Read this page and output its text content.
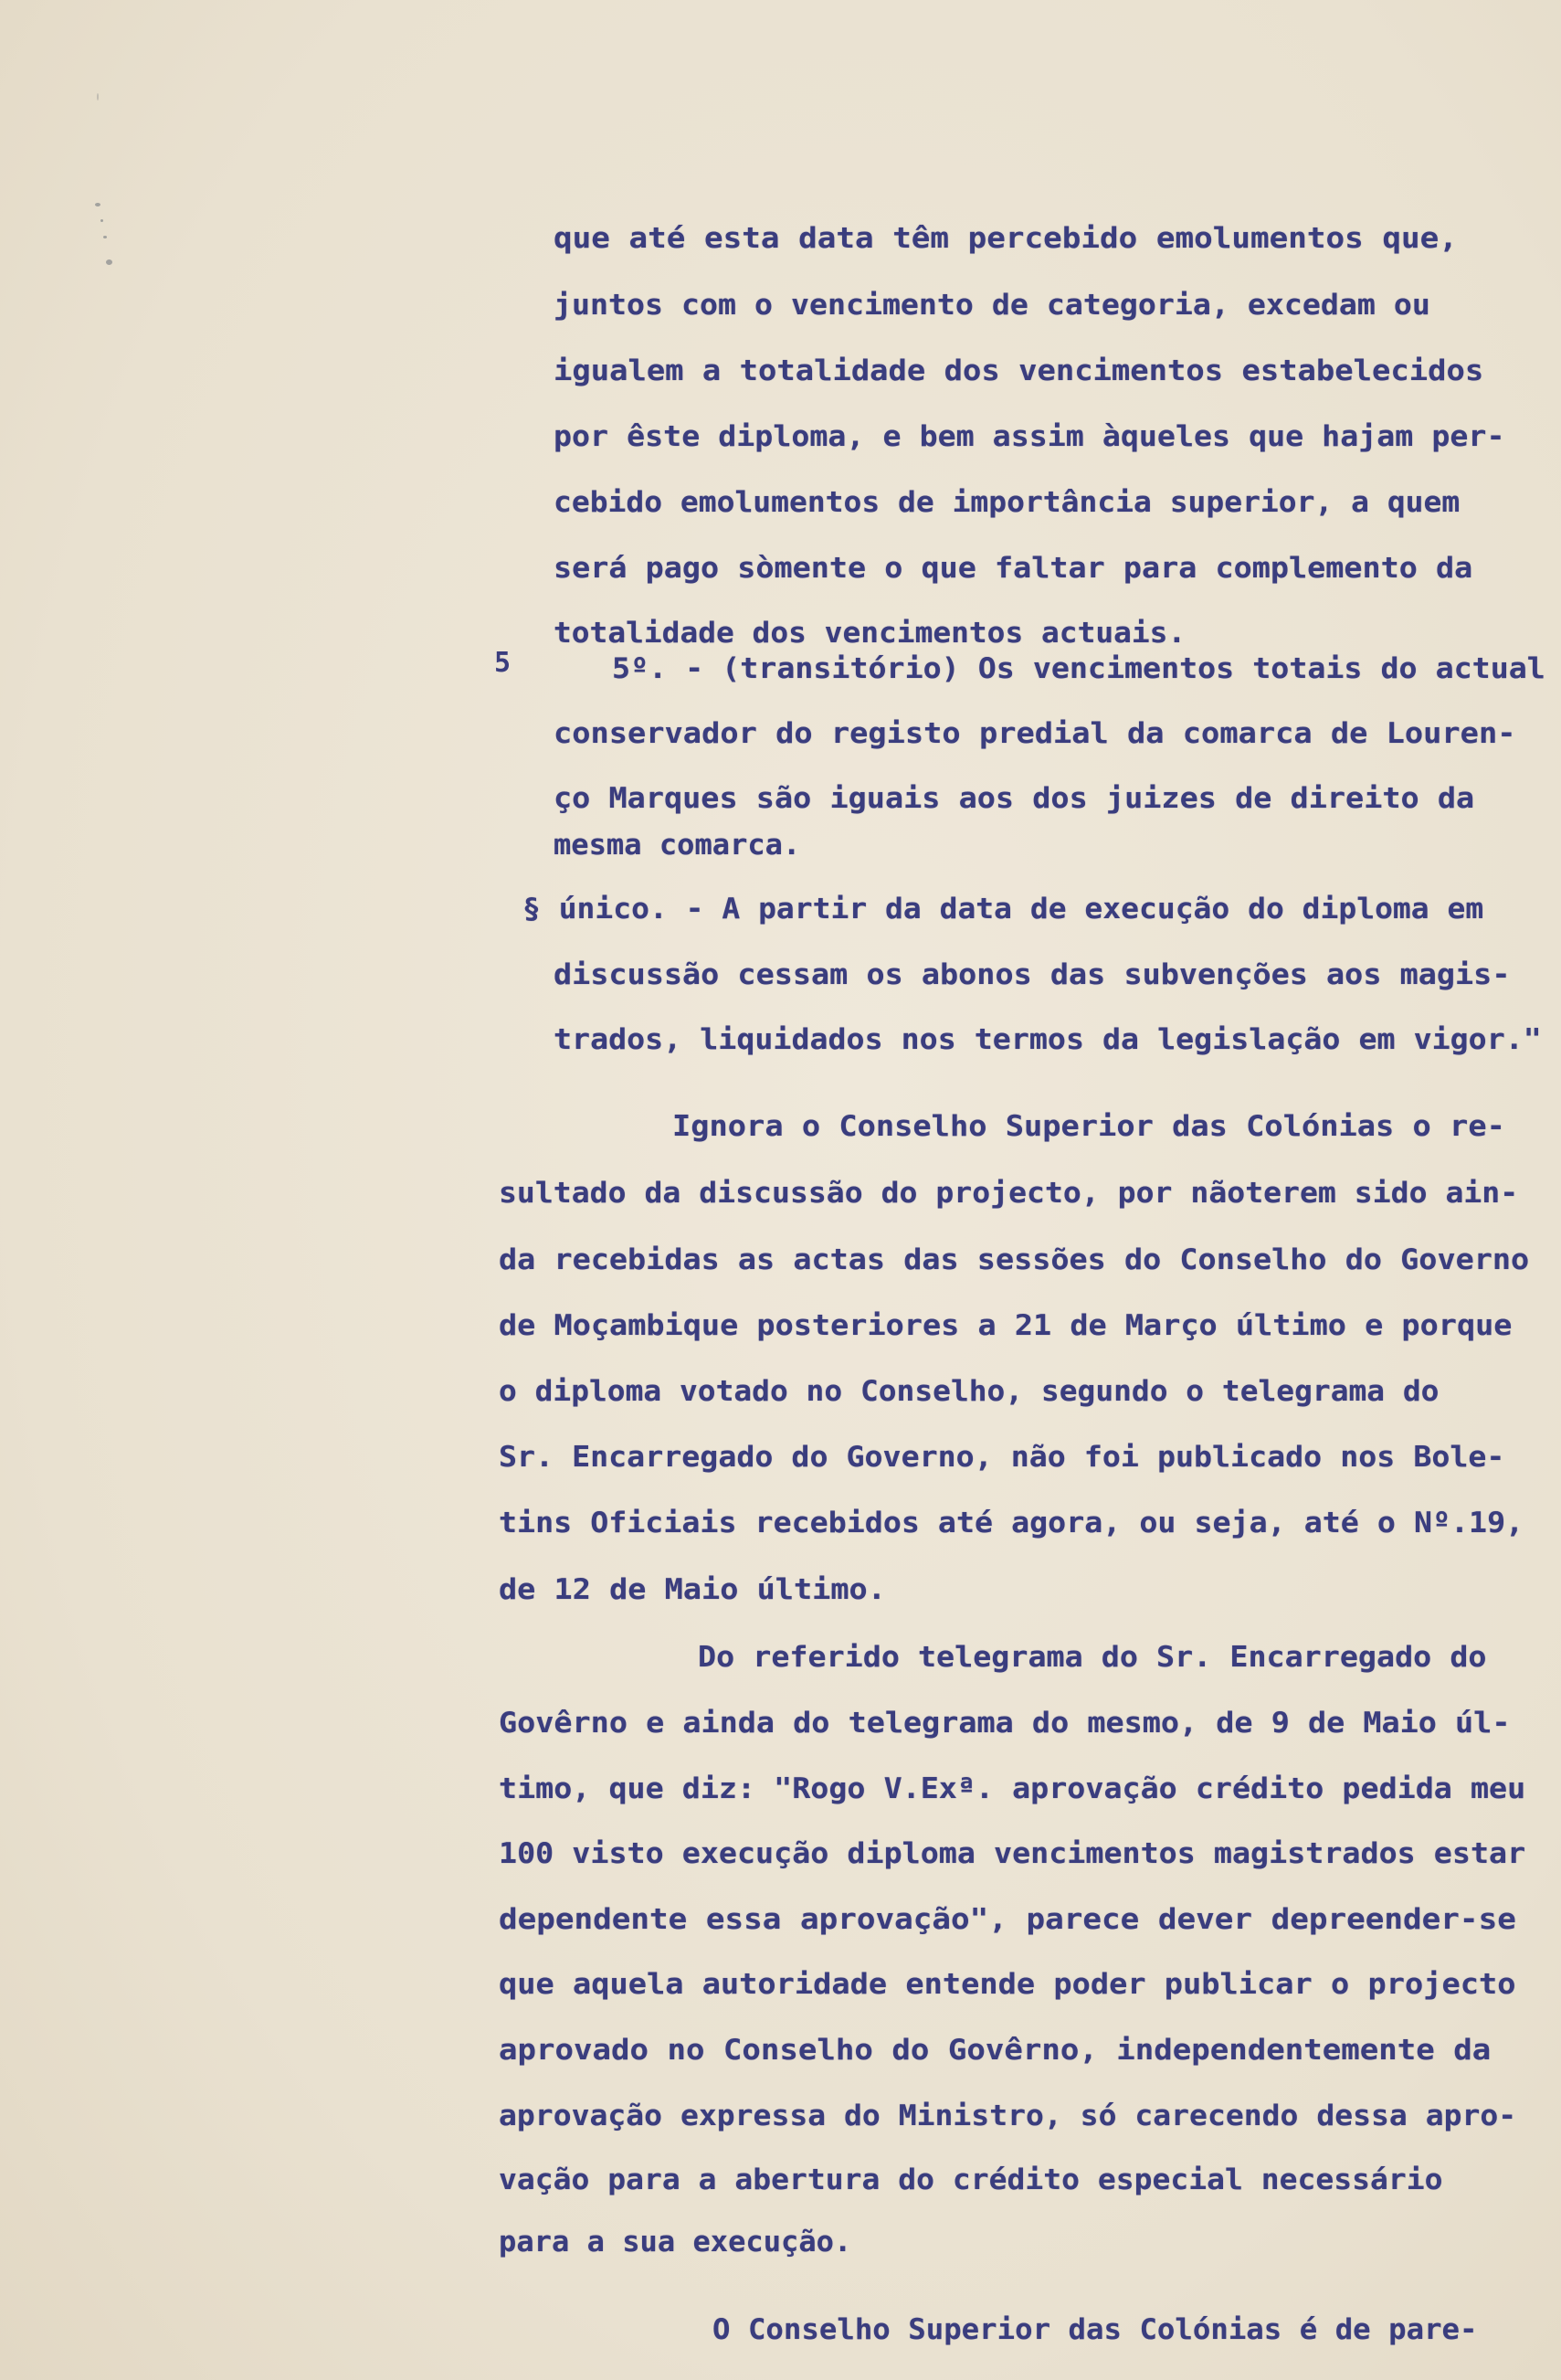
5
que até esta data têm percebido emolumentos que,
juntos com o vencimento de categoria, excedam ou
igualem a totalidade dos vencimentos estabelecidos
por êste diploma, e bem assim àqueles que hajam per-
cebido emolumentos de importância superior, a quem
será pago sòmente o que faltar para complemento da
totalidade dos vencimentos actuais.
5º. - (transitório) Os vencimentos totais do actual
conservador do registo predial da comarca de Louren-
ço Marques são iguais aos dos juizes de direito da
mesma comarca.
§ único. - A partir da data de execução do diploma em
discussão cessam os abonos das subvenções aos magis-
trados, liquidados nos termos da legislação em vigor."
Ignora o Conselho Superior das Colónias o re-
sultado da discussão do projecto, por nãoterem sido ain-
da recebidas as actas das sessões do Conselho do Governo
de Moçambique posteriores a 21 de Março último e porque
o diploma votado no Conselho, segundo o telegrama do
Sr. Encarregado do Governo, não foi publicado nos Bole-
tins Oficiais recebidos até agora, ou seja, até o Nº.19,
de 12 de Maio último.
Do referido telegrama do Sr. Encarregado do
Govêrno e ainda do telegrama do mesmo, de 9 de Maio úl-
timo, que diz: "Rogo V.Exª. aprovação crédito pedida meu
100 visto execução diploma vencimentos magistrados estar
dependente essa aprovação", parece dever depreender-se
que aquela autoridade entende poder publicar o projecto
aprovado no Conselho do Govêrno, independentemente da
aprovação expressa do Ministro, só carecendo dessa apro-
vação para a abertura do crédito especial necessário
para a sua execução.
O Conselho Superior das Colónias é de pare-
